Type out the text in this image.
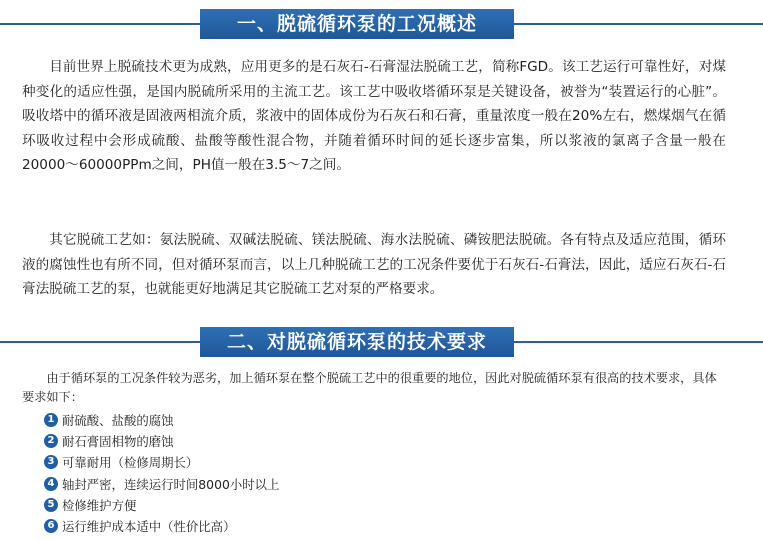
一、脱硫循环泵的工况概述

目前世界上脱硫技术更为成熟，应用更多的是石灰石-石膏湿法脱硫工艺，简称FGD。该工艺运行可靠性好，对煤种变化的适应性强，是国内脱硫所采用的主流工艺。该工艺中吸收塔循环泵是关键设备，被誉为“装置运行的心脏”。吸收塔中的循环液是固液两相流介质，浆液中的固体成份为石灰石和石膏，重量浓度一般在20%左右，燃煤烟气在循环吸收过程中会形成硫酸、盐酸等酸性混合物，并随着循环时间的延长逐步富集，所以浆液的氯离子含量一般在20000～60000PPm之间，PH值一般在3.5～7之间。

其它脱硫工艺如：氨法脱硫、双碱法脱硫、镁法脱硫、海水法脱硫、磷铵肥法脱硫。各有特点及适应范围，循环液的腐蚀性也有所不同，但对循环泵而言，以上几种脱硫工艺的工况条件要优于石灰石-石膏法，因此，适应石灰石-石膏法脱硫工艺的泵，也就能更好地满足其它脱硫工艺对泵的严格要求。

二、对脱硫循环泵的技术要求

由于循环泵的工况条件较为恶劣，加上循环泵在整个脱硫工艺中的很重要的地位，因此对脱硫循环泵有很高的技术要求，具体要求如下：

1 耐硫酸、盐酸的腐蚀
2 耐石膏固相物的磨蚀
3 可靠耐用（检修周期长）
4 轴封严密，连续运行时间8000小时以上
5 检修维护方便
6 运行维护成本适中（性价比高）
